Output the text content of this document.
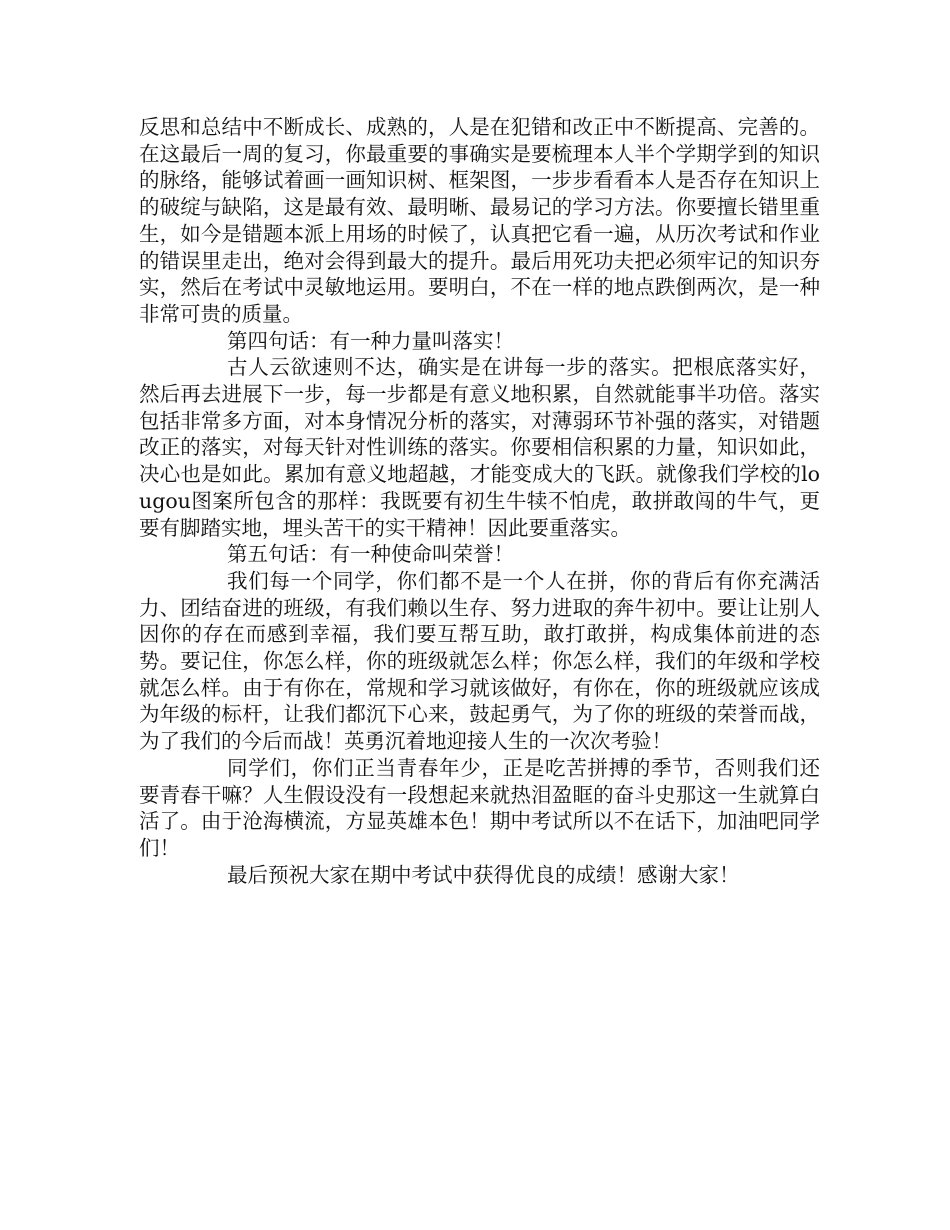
反思和总结中不断成长、成熟的，人是在犯错和改正中不断提高、完善的。在这最后一周的复习，你最重要的事确实是要梳理本人半个学期学到的知识的脉络，能够试着画一画知识树、框架图，一步步看看本人是否存在知识上的破绽与缺陷，这是最有效、最明晰、最易记的学习方法。你要擅长错里重生，如今是错题本派上用场的时候了，认真把它看一遍，从历次考试和作业的错误里走出，绝对会得到最大的提升。最后用死功夫把必须牢记的知识夯实，然后在考试中灵敏地运用。要明白，不在一样的地点跌倒两次，是一种非常可贵的质量。

第四句话：有一种力量叫落实！

古人云欲速则不达，确实是在讲每一步的落实。把根底落实好，然后再去进展下一步，每一步都是有意义地积累，自然就能事半功倍。落实包括非常多方面，对本身情况分析的落实，对薄弱环节补强的落实，对错题改正的落实，对每天针对性训练的落实。你要相信积累的力量，知识如此，决心也是如此。累加有意义地超越，才能变成大的飞跃。就像我们学校的lougou图案所包含的那样：我既要有初生牛犊不怕虎，敢拼敢闯的牛气，更要有脚踏实地，埋头苦干的实干精神！因此要重落实。

第五句话：有一种使命叫荣誉！

我们每一个同学，你们都不是一个人在拼，你的背后有你充满活力、团结奋进的班级，有我们赖以生存、努力进取的奔牛初中。要让让别人因你的存在而感到幸福，我们要互帮互助，敢打敢拼，构成集体前进的态势。要记住，你怎么样，你的班级就怎么样；你怎么样，我们的年级和学校就怎么样。由于有你在，常规和学习就该做好，有你在，你的班级就应该成为年级的标杆，让我们都沉下心来，鼓起勇气，为了你的班级的荣誉而战，为了我们的今后而战！英勇沉着地迎接人生的一次次考验！

同学们，你们正当青春年少，正是吃苦拼搏的季节，否则我们还要青春干嘛？人生假设没有一段想起来就热泪盈眶的奋斗史那这一生就算白活了。由于沧海横流，方显英雄本色！期中考试所以不在话下，加油吧同学们！

最后预祝大家在期中考试中获得优良的成绩！感谢大家！
